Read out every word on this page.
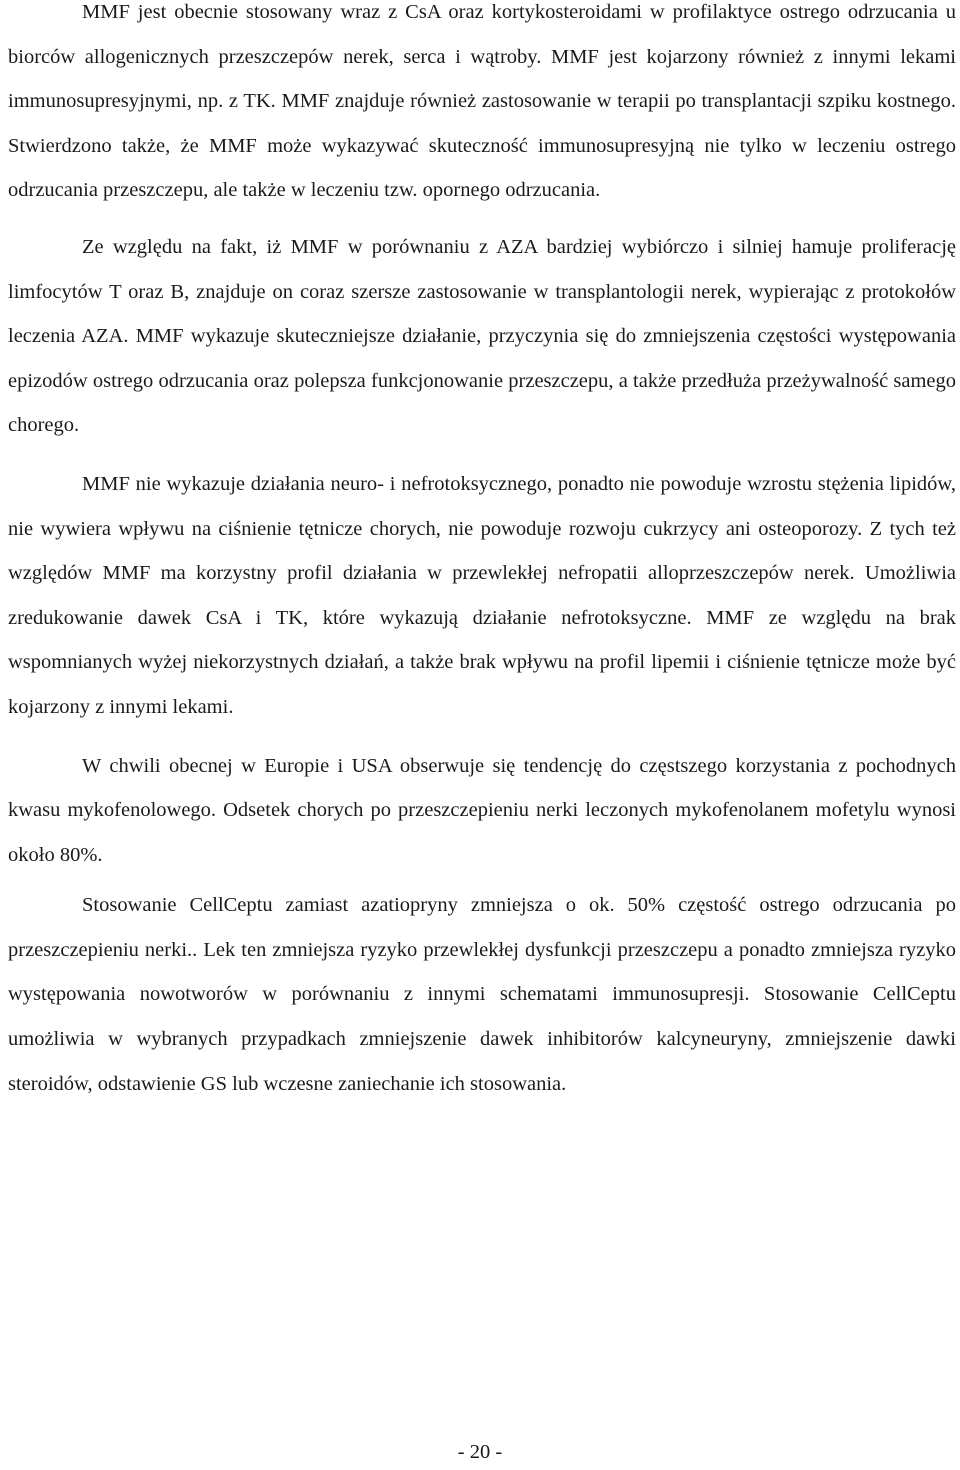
MMF jest obecnie stosowany wraz z CsA oraz kortykosteroidami w profilaktyce ostrego odrzucania u biorców allogenicznych przeszczepów nerek, serca i wątroby. MMF jest kojarzony również z innymi lekami immunosupresyjnymi, np. z TK. MMF znajduje również zastosowanie w terapii po transplantacji szpiku kostnego. Stwierdzono także, że MMF może wykazywać skuteczność immunosupresyjną nie tylko w leczeniu ostrego odrzucania przeszczepu, ale także w leczeniu tzw. opornego odrzucania.

Ze względu na fakt, iż MMF w porównaniu z AZA bardziej wybiórczo i silniej hamuje proliferację limfocytów T oraz B, znajduje on coraz szersze zastosowanie w transplantologii nerek, wypierając z protokołów leczenia AZA. MMF wykazuje skuteczniejsze działanie, przyczynia się do zmniejszenia częstości występowania epizodów ostrego odrzucania oraz polepsza funkcjonowanie przeszczepu, a także przedłuża przeżywalność samego chorego.

MMF nie wykazuje działania neuro- i nefrotoksycznego, ponadto nie powoduje wzrostu stężenia lipidów, nie wywiera wpływu na ciśnienie tętnicze chorych, nie powoduje rozwoju cukrzycy ani osteoporozy. Z tych też względów MMF ma korzystny profil działania w przewlekłej nefropatii alloprzeszczepów nerek. Umożliwia zredukowanie dawek CsA i TK, które wykazują działanie nefrotoksyczne. MMF ze względu na brak wspomnianych wyżej niekorzystnych działań, a także brak wpływu na profil lipemii i ciśnienie tętnicze może być kojarzony z innymi lekami.

W chwili obecnej w Europie i USA obserwuje się tendencję do częstszego korzystania z pochodnych kwasu mykofenolowego. Odsetek chorych po przeszczepieniu nerki leczonych mykofenolanem mofetylu wynosi około 80%.

Stosowanie CellCeptu zamiast azatiopryny zmniejsza o ok. 50% częstość ostrego odrzucania po przeszczepieniu nerki.. Lek ten zmniejsza ryzyko przewlekłej dysfunkcji przeszczepu a ponadto zmniejsza ryzyko występowania nowotworów w porównaniu z innymi schematami immunosupresji. Stosowanie CellCeptu umożliwia w wybranych przypadkach zmniejszenie dawek inhibitorów kalcyneuryny, zmniejszenie dawki steroidów, odstawienie GS lub wczesne zaniechanie ich stosowania.

- 20 -
